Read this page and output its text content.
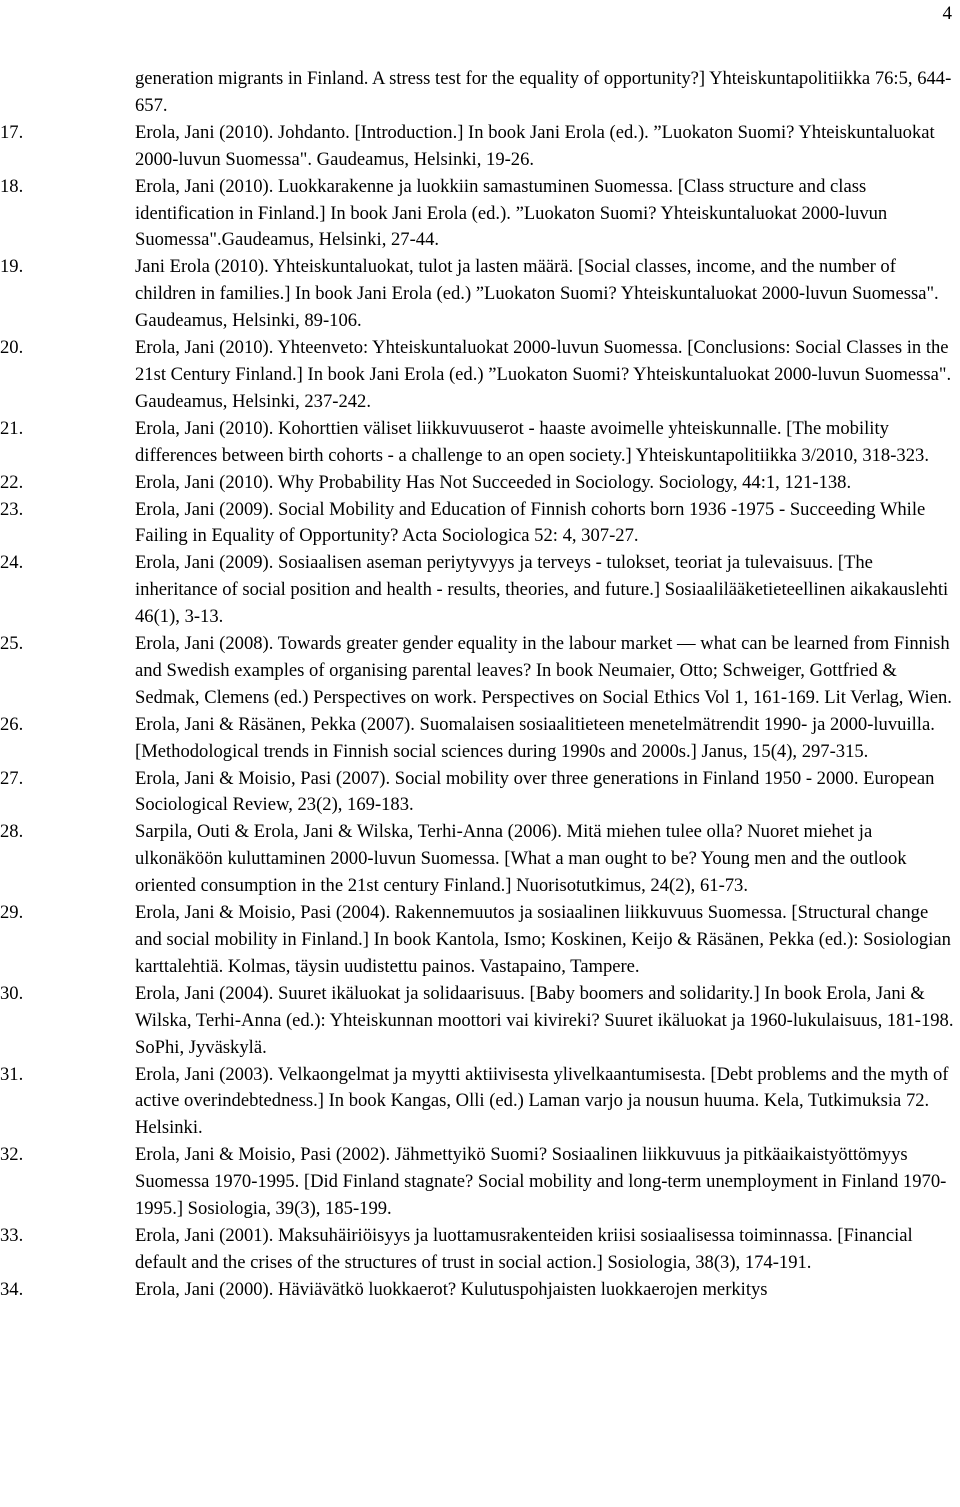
4
generation migrants in Finland. A stress test for the equality of opportunity?] Yhteiskuntapolitiikka 76:5, 644-657.
17.	Erola, Jani (2010). Johdanto. [Introduction.] In book Jani Erola (ed.). ”Luokaton Suomi? Yhteiskuntaluokat 2000-luvun Suomessa". Gaudeamus, Helsinki, 19-26.
18.	Erola, Jani (2010). Luokkarakenne ja luokkiin samastuminen Suomessa. [Class structure and class identification in Finland.] In book Jani Erola (ed.). ”Luokaton Suomi? Yhteiskuntaluokat 2000-luvun Suomessa".Gaudeamus, Helsinki, 27-44.
19.	Jani Erola (2010). Yhteiskuntaluokat, tulot ja lasten määrä. [Social classes, income, and the number of children in families.] In book Jani Erola (ed.) ”Luokaton Suomi? Yhteiskuntaluokat 2000-luvun Suomessa". Gaudeamus, Helsinki, 89-106.
20.	Erola, Jani (2010). Yhteenveto: Yhteiskuntaluokat 2000-luvun Suomessa. [Conclusions: Social Classes in the 21st Century Finland.] In book Jani Erola (ed.) ”Luokaton Suomi? Yhteiskuntaluokat 2000-luvun Suomessa". Gaudeamus, Helsinki, 237-242.
21.	Erola, Jani (2010). Kohorttien väliset liikkuvuuserot - haaste avoimelle yhteiskunnalle. [The mobility differences between birth cohorts - a challenge to an open society.] Yhteiskuntapolitiikka 3/2010, 318-323.
22.	Erola, Jani (2010). Why Probability Has Not Succeeded in Sociology. Sociology, 44:1, 121-138.
23.	Erola, Jani (2009). Social Mobility and Education of Finnish cohorts born 1936 -1975 - Succeeding While Failing in Equality of Opportunity? Acta Sociologica 52: 4, 307-27.
24.	Erola, Jani (2009). Sosiaalisen aseman periytyvyys ja terveys - tulokset, teoriat ja tulevaisuus. [The inheritance of social position and health - results, theories, and future.] Sosiaalilääketieteellinen aikakauslehti 46(1), 3-13.
25.	Erola, Jani (2008). Towards greater gender equality in the labour market — what can be learned from Finnish and Swedish examples of organising parental leaves? In book Neumaier, Otto; Schweiger, Gottfried & Sedmak, Clemens (ed.) Perspectives on work. Perspectives on Social Ethics Vol 1, 161-169. Lit Verlag, Wien.
26.	Erola, Jani & Räsänen, Pekka (2007). Suomalaisen sosiaalitieteen menetelmätrendit 1990- ja 2000-luvuilla. [Methodological trends in Finnish social sciences during 1990s and 2000s.] Janus, 15(4), 297-315.
27.	Erola, Jani & Moisio, Pasi (2007). Social mobility over three generations in Finland 1950 - 2000. European Sociological Review, 23(2), 169-183.
28.	Sarpila, Outi & Erola, Jani & Wilska, Terhi-Anna (2006). Mitä miehen tulee olla? Nuoret miehet ja ulkonäköön kuluttaminen 2000-luvun Suomessa. [What a man ought to be? Young men and the outlook oriented consumption in the 21st century Finland.] Nuorisotutkimus, 24(2), 61-73.
29.	Erola, Jani & Moisio, Pasi (2004). Rakennemuutos ja sosiaalinen liikkuvuus Suomessa. [Structural change and social mobility in Finland.] In book Kantola, Ismo; Koskinen, Keijo & Räsänen, Pekka (ed.): Sosiologian karttalehtiä. Kolmas, täysin uudistettu painos. Vastapaino, Tampere.
30.	Erola, Jani (2004). Suuret ikäluokat ja solidaarisuus. [Baby boomers and solidarity.] In book Erola, Jani & Wilska, Terhi-Anna (ed.): Yhteiskunnan moottori vai kivireki? Suuret ikäluokat ja 1960-lukulaisuus, 181-198. SoPhi, Jyväskylä.
31.	Erola, Jani (2003). Velkaongelmat ja myytti aktiivisesta ylivelkaantumisesta. [Debt problems and the myth of active overindebtedness.] In book Kangas, Olli (ed.) Laman varjo ja nousun huuma. Kela, Tutkimuksia 72. Helsinki.
32.	Erola, Jani & Moisio, Pasi (2002). Jähmettyikö Suomi? Sosiaalinen liikkuvuus ja pitkäaikaistyöttömyys Suomessa 1970-1995. [Did Finland stagnate? Social mobility and long-term unemployment in Finland 1970-1995.] Sosiologia, 39(3), 185-199.
33.	Erola, Jani (2001). Maksuhäiriöisyys ja luottamusrakenteiden kriisi sosiaalisessa toiminnassa. [Financial default and the crises of the structures of trust in social action.] Sosiologia, 38(3), 174-191.
34.	Erola, Jani (2000). Häviävätkö luokkaerot? Kulutuspohjaisten luokkaerojen merkitys
